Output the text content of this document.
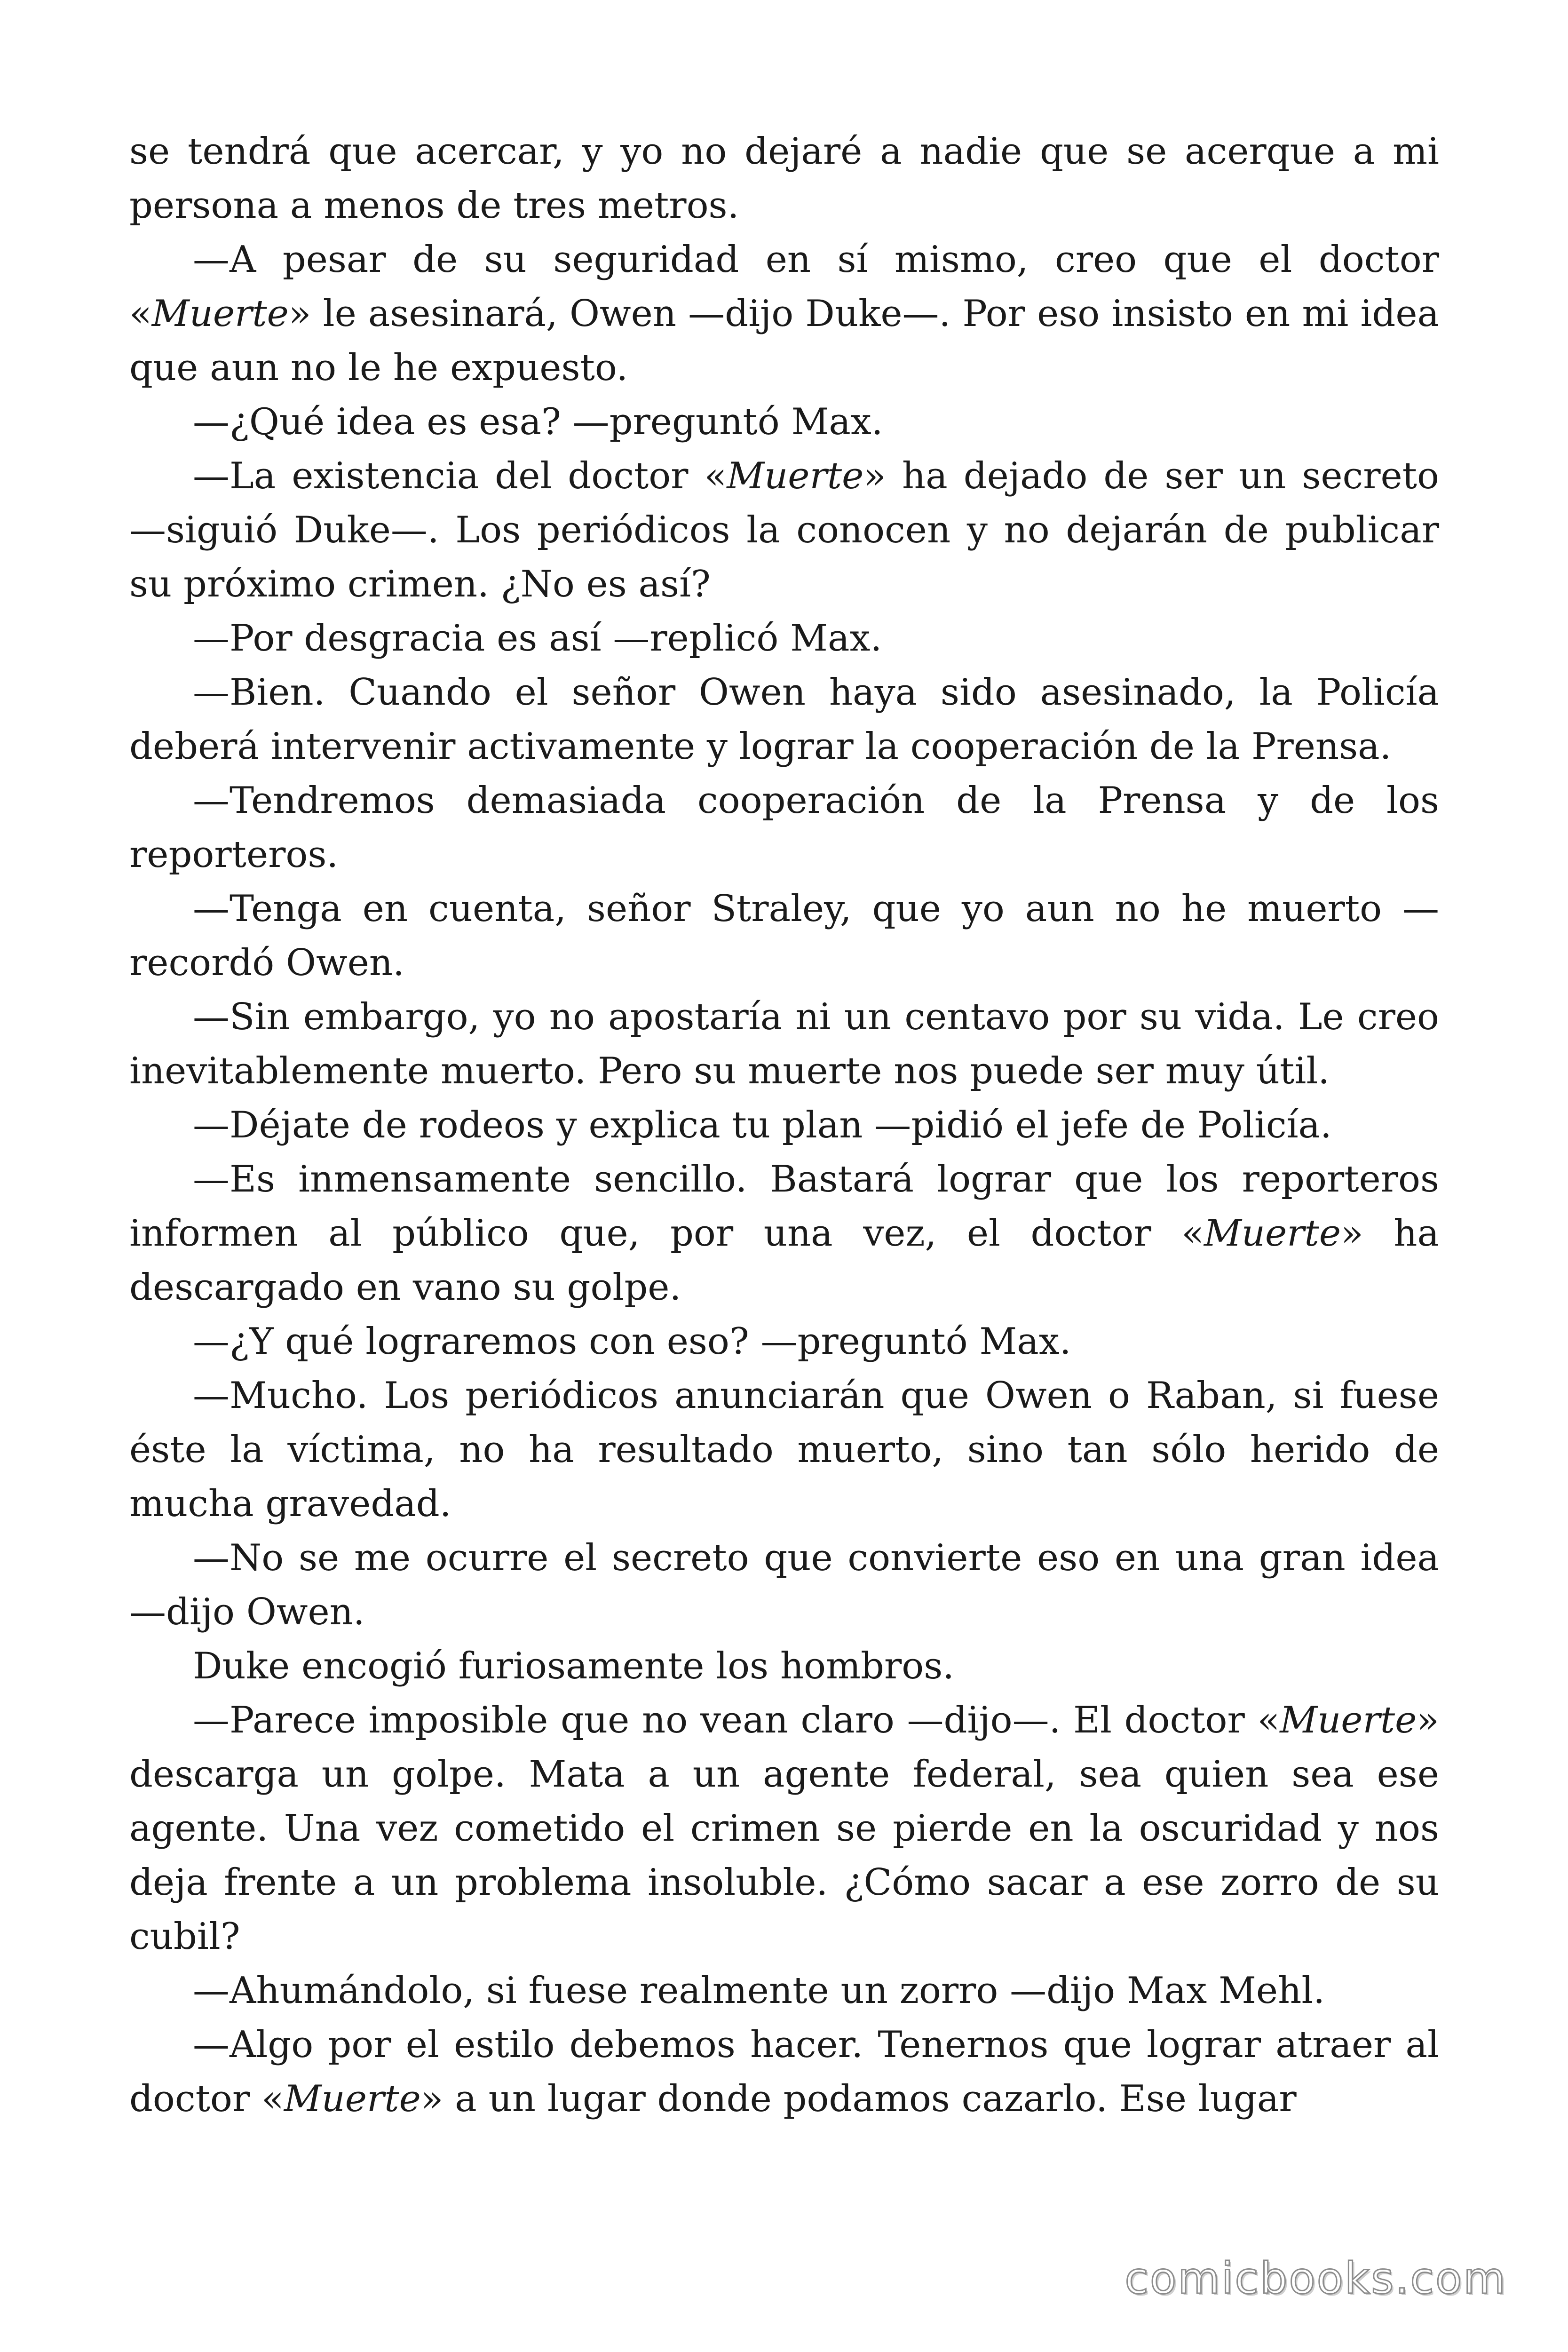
se tendrá que acercar, y yo no dejaré a nadie que se acerque a mi persona a menos de tres metros.

—A pesar de su seguridad en sí mismo, creo que el doctor «Muerte» le asesinará, Owen —dijo Duke—. Por eso insisto en mi idea que aun no le he expuesto.

—¿Qué idea es esa? —preguntó Max.

—La existencia del doctor «Muerte» ha dejado de ser un secreto —siguió Duke—. Los periódicos la conocen y no dejarán de publicar su próximo crimen. ¿No es así?

—Por desgracia es así —replicó Max.

—Bien. Cuando el señor Owen haya sido asesinado, la Policía deberá intervenir activamente y lograr la cooperación de la Prensa.

—Tendremos demasiada cooperación de la Prensa y de los reporteros.

—Tenga en cuenta, señor Straley, que yo aun no he muerto —recordó Owen.

—Sin embargo, yo no apostaría ni un centavo por su vida. Le creo inevitablemente muerto. Pero su muerte nos puede ser muy útil.

—Déjate de rodeos y explica tu plan —pidió el jefe de Policía.

—Es inmensamente sencillo. Bastará lograr que los reporteros informen al público que, por una vez, el doctor «Muerte» ha descargado en vano su golpe.

—¿Y qué lograremos con eso? —preguntó Max.

—Mucho. Los periódicos anunciarán que Owen o Raban, si fuese éste la víctima, no ha resultado muerto, sino tan sólo herido de mucha gravedad.

—No se me ocurre el secreto que convierte eso en una gran idea —dijo Owen.

Duke encogió furiosamente los hombros.

—Parece imposible que no vean claro —dijo—. El doctor «Muerte» descarga un golpe. Mata a un agente federal, sea quien sea ese agente. Una vez cometido el crimen se pierde en la oscuridad y nos deja frente a un problema insoluble. ¿Cómo sacar a ese zorro de su cubil?

—Ahumándolo, si fuese realmente un zorro —dijo Max Mehl.

—Algo por el estilo debemos hacer. Tenernos que lograr atraer al doctor «Muerte» a un lugar donde podamos cazarlo. Ese lugar

comicbooks.com
